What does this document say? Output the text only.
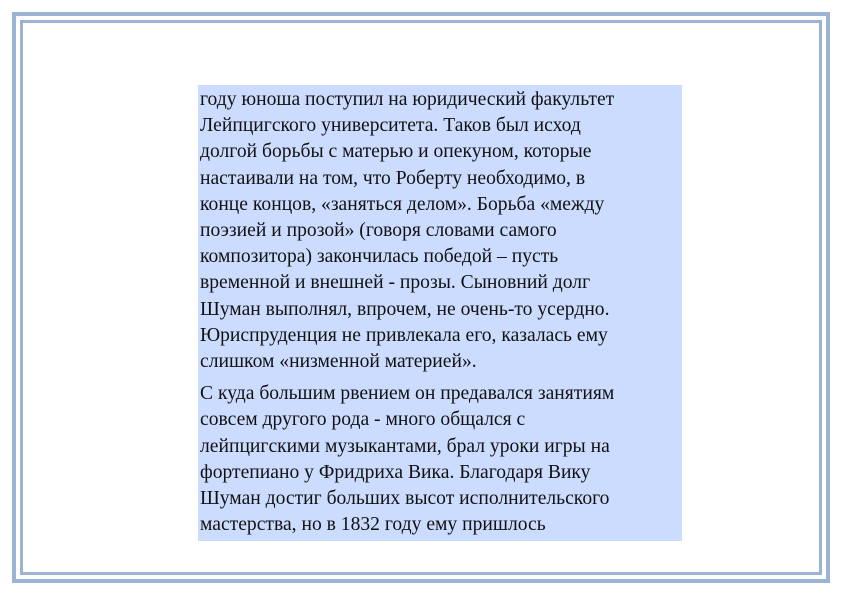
году юноша поступил на юридический факультет
Лейпцигского университета. Таков был исход
долгой борьбы с матерью и опекуном, которые
настаивали на том, что Роберту необходимо, в
конце концов, «заняться делом». Борьба «между
поэзией и прозой» (говоря словами самого
композитора) закончилась победой – пусть
временной и внешней - прозы. Сыновний долг
Шуман выполнял, впрочем, не очень-то усердно.
Юриспруденция не привлекала его, казалась ему
слишком «низменной материей».

С куда большим рвением он предавался занятиям
совсем другого рода - много общался с
лейпцигскими музыкантами, брал уроки игры на
фортепиано у Фридриха Вика. Благодаря Вику
Шуман достиг больших высот исполнительского
мастерства, но в 1832 году ему пришлось
